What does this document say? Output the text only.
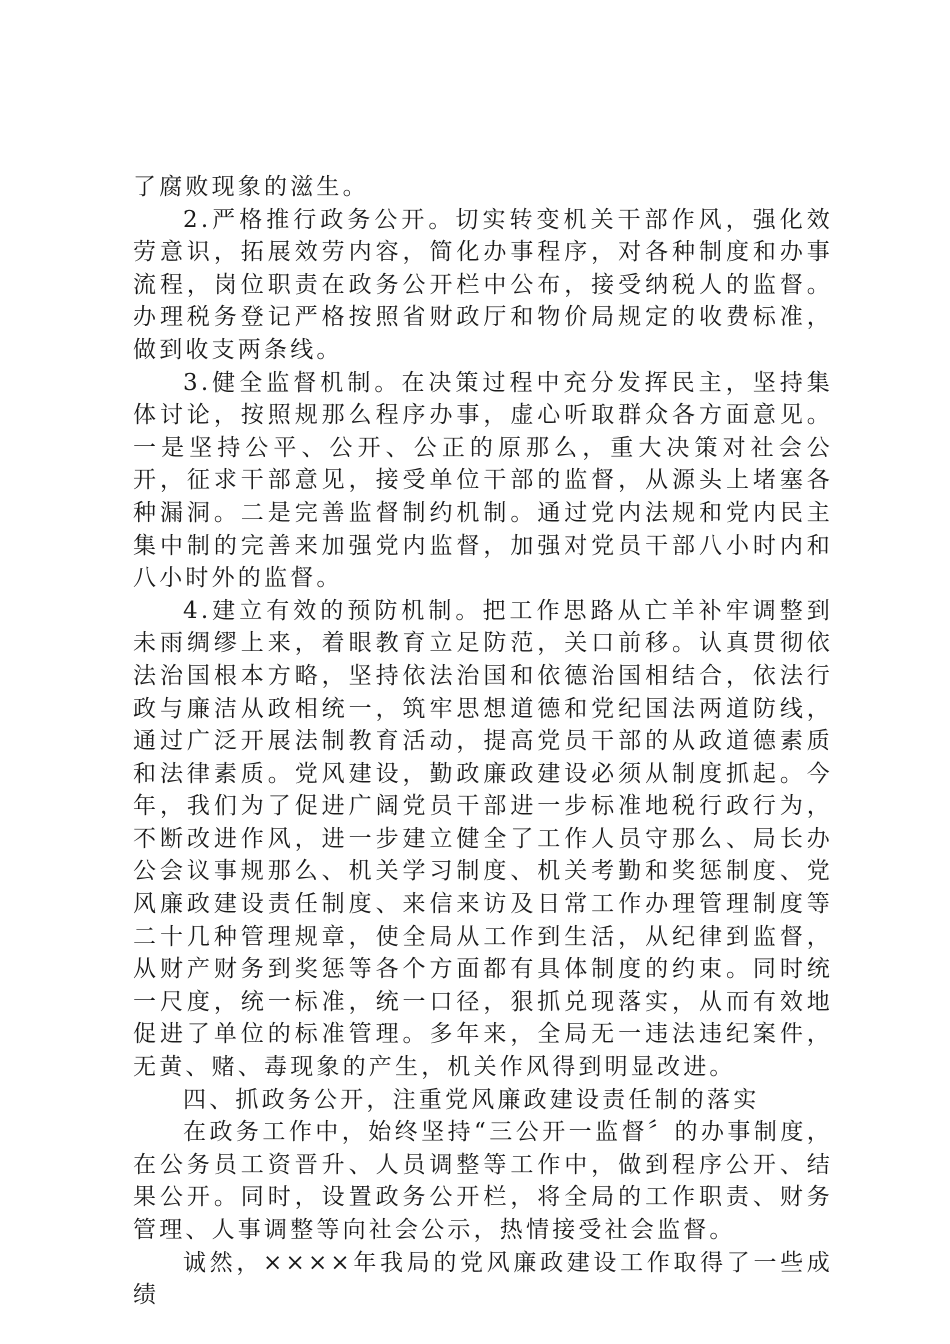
了腐败现象的滋生。

2.严格推行政务公开。切实转变机关干部作风，强化效劳意识，拓展效劳内容，简化办事程序，对各种制度和办事流程，岗位职责在政务公开栏中公布，接受纳税人的监督。办理税务登记严格按照省财政厅和物价局规定的收费标准，做到收支两条线。

3.健全监督机制。在决策过程中充分发挥民主，坚持集体讨论，按照规那么程序办事，虚心听取群众各方面意见。一是坚持公平、公开、公正的原那么，重大决策对社会公开，征求干部意见，接受单位干部的监督，从源头上堵塞各种漏洞。二是完善监督制约机制。通过党内法规和党内民主集中制的完善来加强党内监督，加强对党员干部八小时内和八小时外的监督。

4.建立有效的预防机制。把工作思路从亡羊补牢调整到未雨绸缪上来，着眼教育立足防范，关口前移。认真贯彻依法治国根本方略，坚持依法治国和依德治国相结合，依法行政与廉洁从政相统一，筑牢思想道德和党纪国法两道防线，通过广泛开展法制教育活动，提高党员干部的从政道德素质和法律素质。党风建设，勤政廉政建设必须从制度抓起。今年，我们为了促进广阔党员干部进一步标准地税行政行为，不断改进作风，进一步建立健全了工作人员守那么、局长办公会议事规那么、机关学习制度、机关考勤和奖惩制度、党风廉政建设责任制度、来信来访及日常工作办理管理制度等二十几种管理规章，使全局从工作到生活，从纪律到监督，从财产财务到奖惩等各个方面都有具体制度的约束。同时统一尺度，统一标准，统一口径，狠抓兑现落实，从而有效地促进了单位的标准管理。多年来，全局无一违法违纪案件，无黄、赌、毒现象的产生，机关作风得到明显改进。

四、抓政务公开，注重党风廉政建设责任制的落实

在政务工作中，始终坚持“三公开一监督〞的办事制度，在公务员工资晋升、人员调整等工作中，做到程序公开、结果公开。同时，设置政务公开栏，将全局的工作职责、财务管理、人事调整等向社会公示，热情接受社会监督。

诚然，××××年我局的党风廉政建设工作取得了一些成绩
